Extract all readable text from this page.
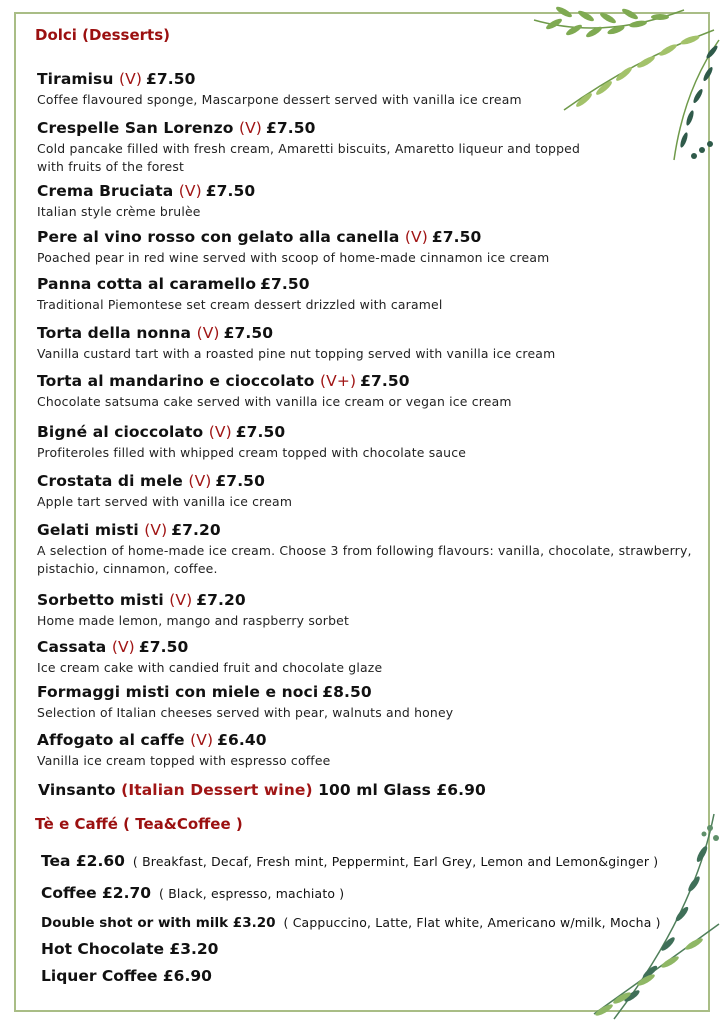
Dolci (Desserts)
Tiramisu (V) £7.50
Coffee flavoured sponge, Mascarpone dessert served with vanilla ice cream
Crespelle San Lorenzo (V) £7.50
Cold pancake filled with fresh cream, Amaretti biscuits, Amaretto liqueur and topped with fruits of the forest
Crema Bruciata (V) £7.50
Italian style crème brulèe
Pere al vino rosso con gelato alla canella (V) £7.50
Poached pear in red wine served with scoop of home-made cinnamon ice cream
Panna cotta al caramello £7.50
Traditional Piemontese set cream dessert drizzled with caramel
Torta della nonna (V) £7.50
Vanilla custard tart with a roasted pine nut topping served with vanilla ice cream
Torta al mandarino e cioccolato (V+) £7.50
Chocolate satsuma cake served with vanilla ice cream or vegan ice cream
Bigné al cioccolato (V) £7.50
Profiteroles filled with whipped cream topped with chocolate sauce
Crostata di mele (V) £7.50
Apple tart served with vanilla ice cream
Gelati misti (V) £7.20
A selection of home-made ice cream. Choose 3 from following flavours: vanilla, chocolate, strawberry, pistachio, cinnamon, coffee.
Sorbetto misti (V) £7.20
Home made lemon, mango and raspberry sorbet
Cassata (V) £7.50
Ice cream cake with candied fruit and chocolate glaze
Formaggi misti con miele e noci £8.50
Selection of Italian cheeses served with pear, walnuts and honey
Affogato al caffe (V) £6.40
Vanilla ice cream topped with espresso coffee
Vinsanto (Italian Dessert wine) 100 ml Glass £6.90
Tè e Caffé ( Tea&Coffee )
Tea £2.60 ( Breakfast, Decaf, Fresh mint, Peppermint, Earl Grey, Lemon and Lemon&ginger )
Coffee £2.70 ( Black, espresso, machiato )
Double shot or with milk £3.20 ( Cappuccino, Latte, Flat white, Americano w/milk, Mocha )
Hot Chocolate £3.20
Liquer Coffee £6.90
